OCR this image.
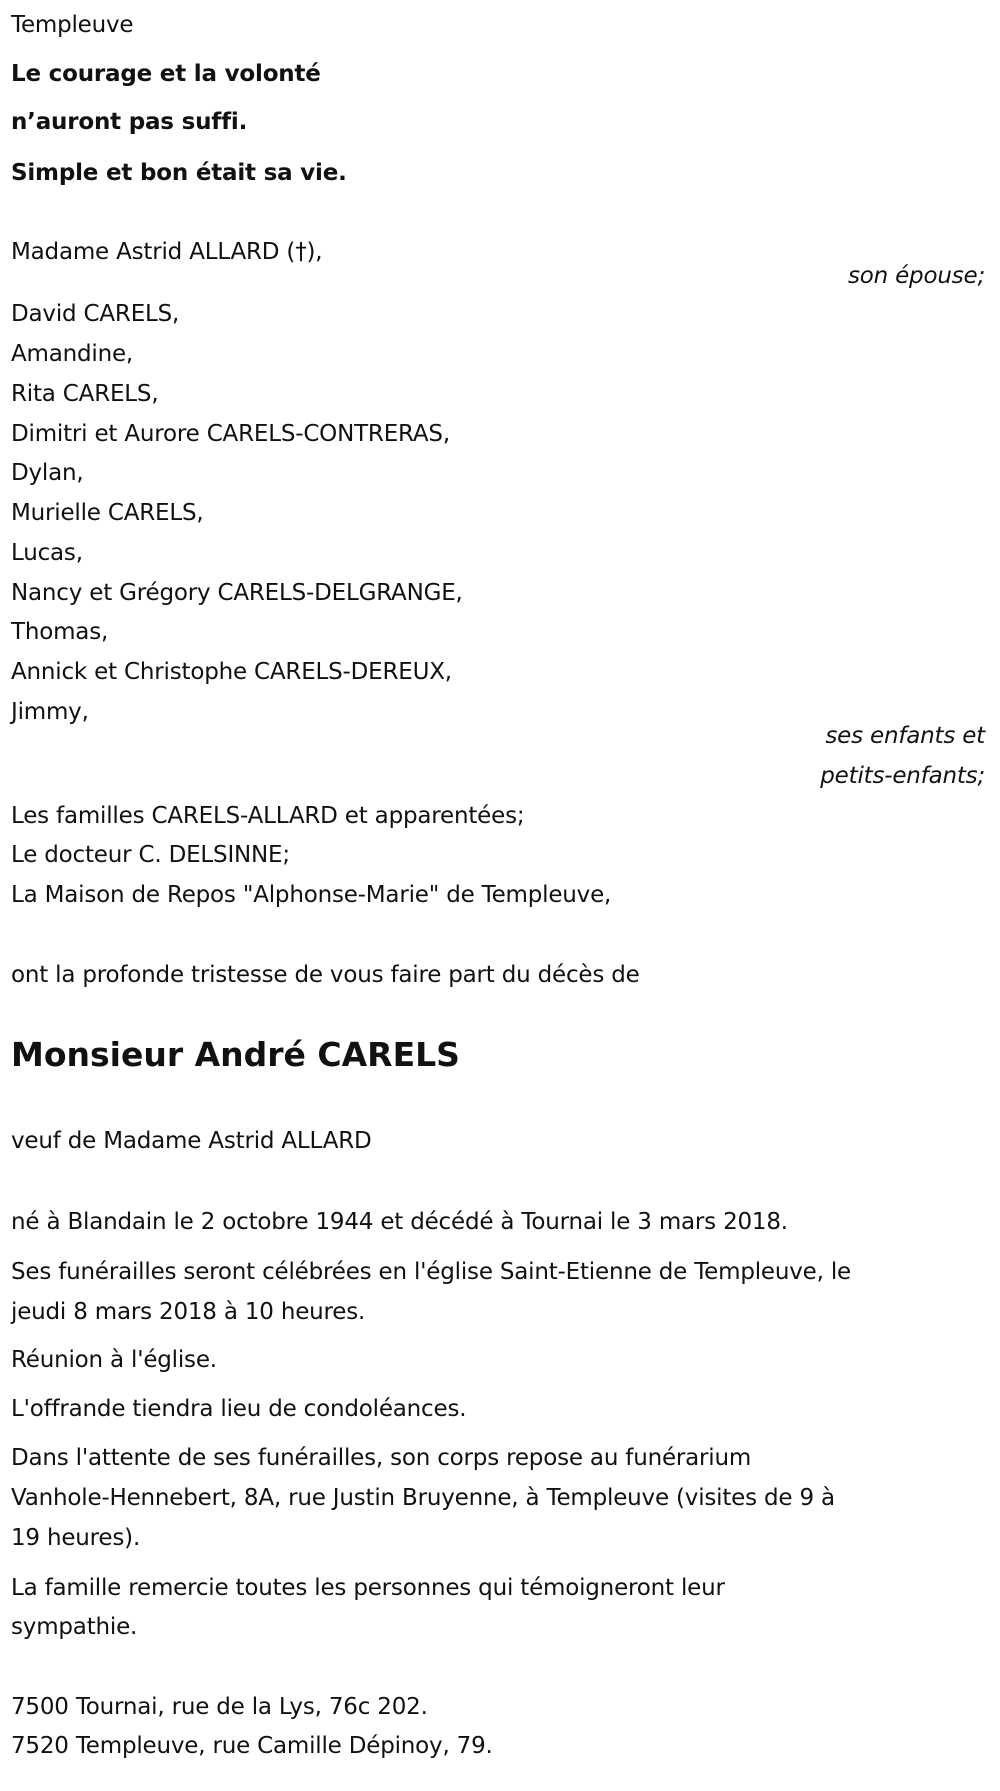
Templeuve
Le courage et la volonté
n’auront pas suffi.
Simple et bon était sa vie.
Madame Astrid ALLARD (†),
son épouse;
David CARELS,
Amandine,
Rita CARELS,
Dimitri et Aurore CARELS-CONTRERAS,
Dylan,
Murielle CARELS,
Lucas,
Nancy et Grégory CARELS-DELGRANGE,
Thomas,
Annick et Christophe CARELS-DEREUX,
Jimmy,
ses enfants et
petits-enfants;
Les familles CARELS-ALLARD et apparentées;
Le docteur C. DELSINNE;
La Maison de Repos "Alphonse-Marie" de Templeuve,
ont la profonde tristesse de vous faire part du décès de
Monsieur André CARELS
veuf de Madame Astrid ALLARD
né à Blandain le 2 octobre 1944 et décédé à Tournai le 3 mars 2018.
Ses funérailles seront célébrées en l'église Saint-Etienne de Templeuve, le
jeudi 8 mars 2018 à 10 heures.
Réunion à l'église.
L'offrande tiendra lieu de condoléances.
Dans l'attente de ses funérailles, son corps repose au funérarium
Vanhole-Hennebert, 8A, rue Justin Bruyenne, à Templeuve (visites de 9 à
19 heures).
La famille remercie toutes les personnes qui témoigneront leur
sympathie.
7500 Tournai, rue de la Lys, 76c 202.
7520 Templeuve, rue Camille Dépinoy, 79.
